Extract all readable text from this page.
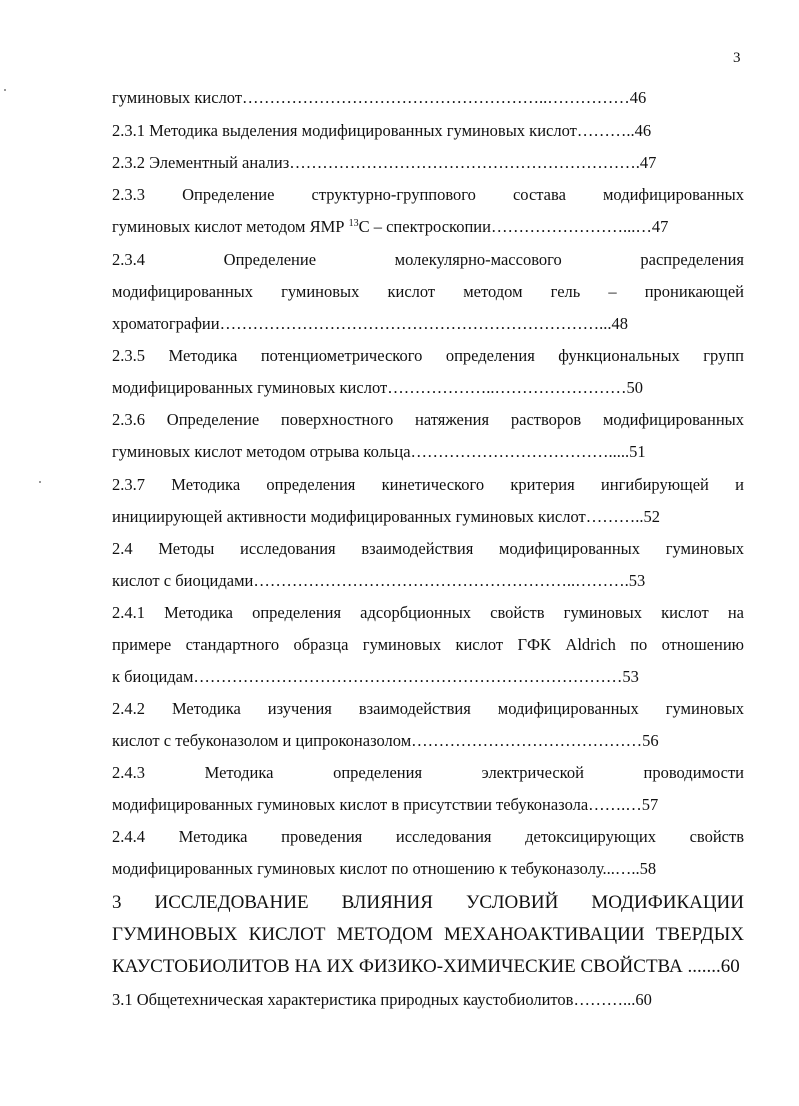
3
гуминовых кислот………………………………………………..……………46
2.3.1 Методика выделения модифицированных гуминовых кислот………..46
2.3.2 Элементный анализ……………………………………………………….47
2.3.3 Определение структурно-группового состава модифицированных
гуминовых кислот методом ЯМР $^{13}$С – спектроскопии……………………...…47
2.3.4 Определение молекулярно-массового распределения
модифицированных гуминовых кислот методом гель – проникающей
хроматографии……………………………………………………………...48
2.3.5 Методика потенциометрического определения функциональных групп
модифицированных гуминовых кислот………………..……………………50
2.3.6 Определение поверхностного натяжения растворов модифицированных
гуминовых кислот методом отрыва кольца……………………………….....51
2.3.7 Методика определения кинетического критерия ингибирующей и
инициирующей активности модифицированных гуминовых кислот………..52
2.4 Методы исследования взаимодействия модифицированных гуминовых
кислот с биоцидами…………………………………………………..……….53
2.4.1 Методика определения адсорбционных свойств гуминовых кислот на
примере стандартного образца гуминовых кислот ГФК Aldrich по отношению
к биоцидам……………………………………………………………………53
2.4.2 Методика изучения взаимодействия модифицированных гуминовых
кислот с тебуконазолом и ципроконазолом……………………………………56
2.4.3 Методика определения электрической проводимости
модифицированных гуминовых кислот в присутствии тебуконазола…….…57
2.4.4 Методика проведения исследования детоксицирующих свойств
модифицированных гуминовых кислот по отношению к тебуконазолу...…..58
3 ИССЛЕДОВАНИЕ ВЛИЯНИЯ УСЛОВИЙ МОДИФИКАЦИИ
ГУМИНОВЫХ КИСЛОТ МЕТОДОМ МЕХАНОАКТИВАЦИИ ТВЕРДЫХ
КАУСТОБИОЛИТОВ НА ИХ ФИЗИКО-ХИМИЧЕСКИЕ СВОЙСТВА .......60
3.1 Общетехническая характеристика природных каустобиолитов………...60
